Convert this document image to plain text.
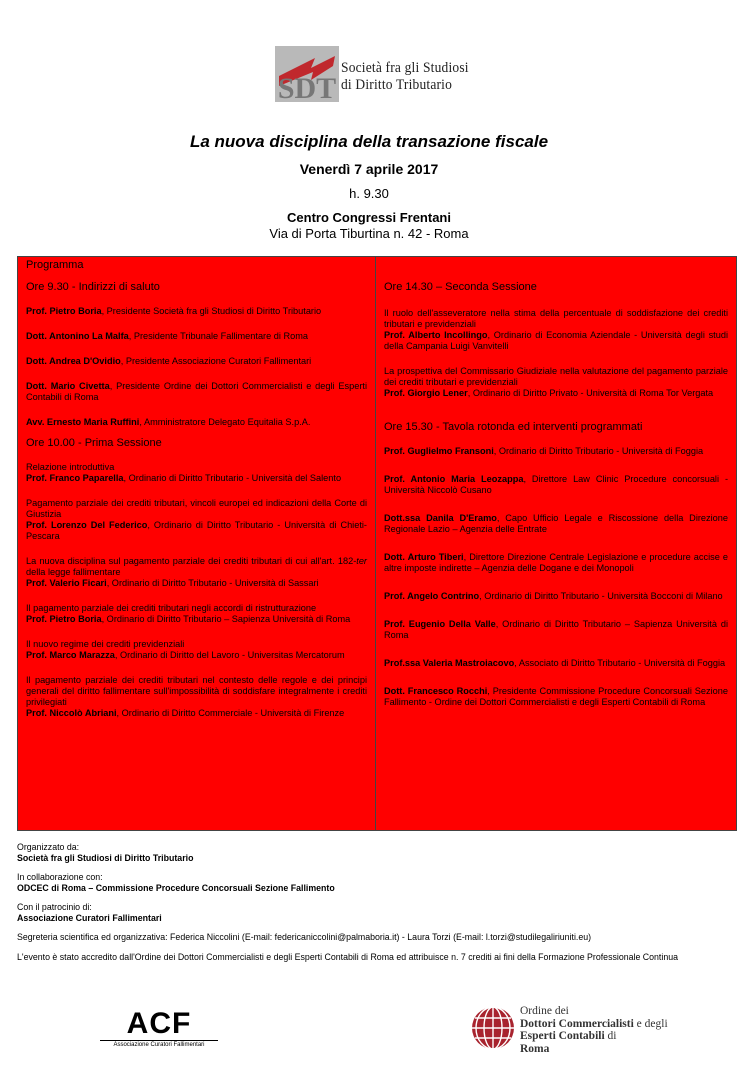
SDT
Società fra gli Studiosi
di Diritto Tributario
La nuova disciplina della transazione fiscale
Venerdì 7 aprile 2017
h. 9.30
Centro Congressi Frentani
Via di Porta Tiburtina n. 42 - Roma
Programma
Ore 9.30 - Indirizzi di saluto
Prof. Pietro Boria, Presidente Società fra gli Studiosi di Diritto Tributario
Dott. Antonino La Malfa, Presidente Tribunale Fallimentare di Roma
Dott. Andrea D'Ovidio, Presidente Associazione Curatori Fallimentari
Dott. Mario Civetta, Presidente Ordine dei Dottori Commercialisti e degli Esperti Contabili di Roma
Avv. Ernesto Maria Ruffini, Amministratore Delegato Equitalia S.p.A.
Ore 10.00 - Prima Sessione
Relazione introduttiva
Prof. Franco Paparella, Ordinario di Diritto Tributario - Università del Salento
Pagamento parziale dei crediti tributari, vincoli europei ed indicazioni della Corte di Giustizia
Prof. Lorenzo Del Federico, Ordinario di Diritto Tributario - Università di Chieti-Pescara
La nuova disciplina sul pagamento parziale dei crediti tributari di cui all'art. 182-ter della legge fallimentare
Prof. Valerio Ficari, Ordinario di Diritto Tributario - Università di Sassari
Il pagamento parziale dei crediti tributari negli accordi di ristrutturazione
Prof. Pietro Boria, Ordinario di Diritto Tributario – Sapienza Università di Roma
Il nuovo regime dei crediti previdenziali
Prof. Marco Marazza, Ordinario di Diritto del Lavoro - Universitas Mercatorum
Il pagamento parziale dei crediti tributari nel contesto delle regole e dei principi generali del diritto fallimentare sull'impossibilità di soddisfare integralmente i crediti privilegiati
Prof. Niccolò Abriani, Ordinario di Diritto Commerciale - Università di Firenze
Ore 14.30 – Seconda Sessione
Il ruolo dell'asseveratore nella stima della percentuale di soddisfazione dei crediti tributari e previdenziali
Prof. Alberto Incollingo, Ordinario di Economia Aziendale - Università degli studi della Campania Luigi Vanvitelli
La prospettiva del Commissario Giudiziale nella valutazione del pagamento parziale dei crediti tributari e previdenziali
Prof. Giorgio Lener, Ordinario di Diritto Privato - Università di Roma Tor Vergata
Ore 15.30 - Tavola rotonda ed interventi programmati
Prof. Guglielmo Fransoni, Ordinario di Diritto Tributario - Università di Foggia
Prof. Antonio Maria Leozappa, Direttore Law Clinic Procedure concorsuali - Università Niccolò Cusano
Dott.ssa Danila D'Eramo, Capo Ufficio Legale e Riscossione della Direzione Regionale Lazio – Agenzia delle Entrate
Dott. Arturo Tiberi, Direttore Direzione Centrale Legislazione e procedure accise e altre imposte indirette – Agenzia delle Dogane e dei Monopoli
Prof. Angelo Contrino, Ordinario di Diritto Tributario - Università Bocconi di Milano
Prof. Eugenio Della Valle, Ordinario di Diritto Tributario – Sapienza Università di Roma
Prof.ssa Valeria Mastroiacovo, Associato di Diritto Tributario - Università di Foggia
Dott. Francesco Rocchi, Presidente Commissione Procedure Concorsuali Sezione Fallimento - Ordine dei Dottori Commercialisti e degli Esperti Contabili di Roma

Organizzato da:
Società fra gli Studiosi di Diritto Tributario

In collaborazione con:
ODCEC di Roma – Commissione Procedure Concorsuali Sezione Fallimento

Con il patrocinio di:
Associazione Curatori Fallimentari

Segreteria scientifica ed organizzativa: Federica Niccolini (E-mail: federicaniccolini@palmaboria.it) - Laura Torzi (E-mail: l.torzi@studilegaliriuniti.eu)

L'evento è stato accredito dall'Ordine dei Dottori Commercialisti e degli Esperti Contabili di Roma ed attribuisce n. 7 crediti ai fini della Formazione Professionale Continua

ACF
Associazione Curatori Fallimentari
Ordine dei
Dottori Commercialisti e degli
Esperti Contabili di
Roma
